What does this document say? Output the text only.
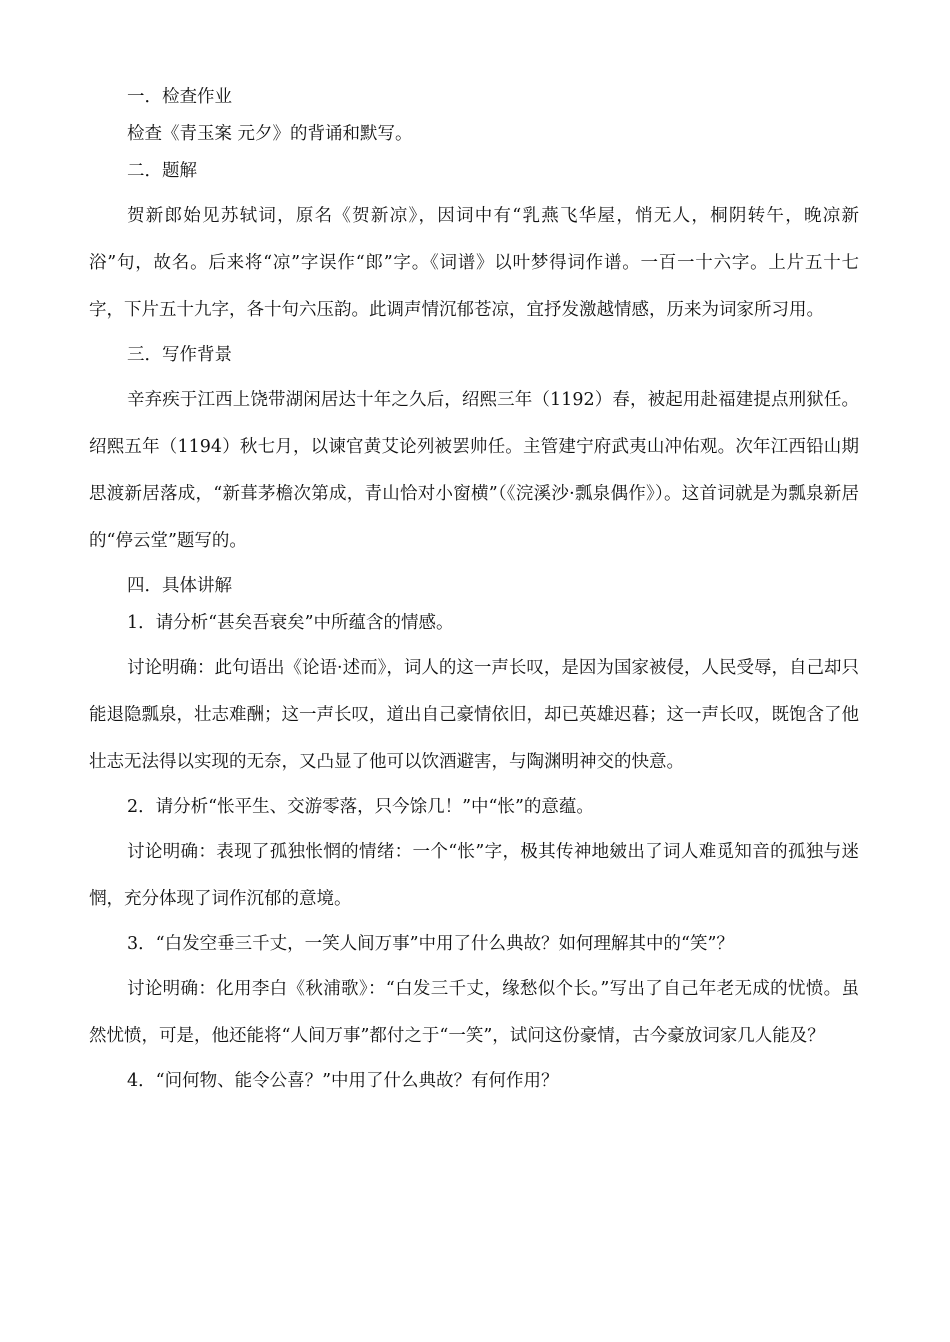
一．检查作业

检查《青玉案 元夕》的背诵和默写。

二．题解

贺新郎始见苏轼词，原名《贺新凉》，因词中有“乳燕飞华屋，悄无人，桐阴转午，晚凉新浴”句，故名。后来将“凉”字误作“郎”字。《词谱》以叶梦得词作谱。一百一十六字。上片五十七字，下片五十九字，各十句六压韵。此调声情沉郁苍凉，宜抒发激越情感，历来为词家所习用。

三．写作背景

辛弃疾于江西上饶带湖闲居达十年之久后，绍熙三年（1192）春，被起用赴福建提点刑狱任。绍熙五年（1194）秋七月，以谏官黄艾论列被罢帅任。主管建宁府武夷山冲佑观。次年江西铅山期思渡新居落成，“新葺茅檐次第成，青山恰对小窗横”（《浣溪沙·瓢泉偶作》）。这首词就是为瓢泉新居的“停云堂”题写的。

四．具体讲解

1．请分析“甚矣吾衰矣”中所蕴含的情感。

讨论明确：此句语出《论语·述而》，词人的这一声长叹，是因为国家被侵，人民受辱，自己却只能退隐瓢泉，壮志难酬；这一声长叹，道出自己豪情依旧，却已英雄迟暮；这一声长叹，既饱含了他壮志无法得以实现的无奈，又凸显了他可以饮酒避害，与陶渊明神交的快意。

2．请分析“怅平生、交游零落，只今馀几！”中“怅”的意蕴。

讨论明确：表现了孤独怅惘的情绪：一个“怅”字，极其传神地皴出了词人难觅知音的孤独与迷惘，充分体现了词作沉郁的意境。

3．“白发空垂三千丈，一笑人间万事”中用了什么典故？如何理解其中的“笑”？

讨论明确：化用李白《秋浦歌》：“白发三千丈，缘愁似个长。”写出了自己年老无成的忧愤。虽然忧愤，可是，他还能将“人间万事”都付之于“一笑”，试问这份豪情，古今豪放词家几人能及？

4．“问何物、能令公喜？”中用了什么典故？有何作用？
